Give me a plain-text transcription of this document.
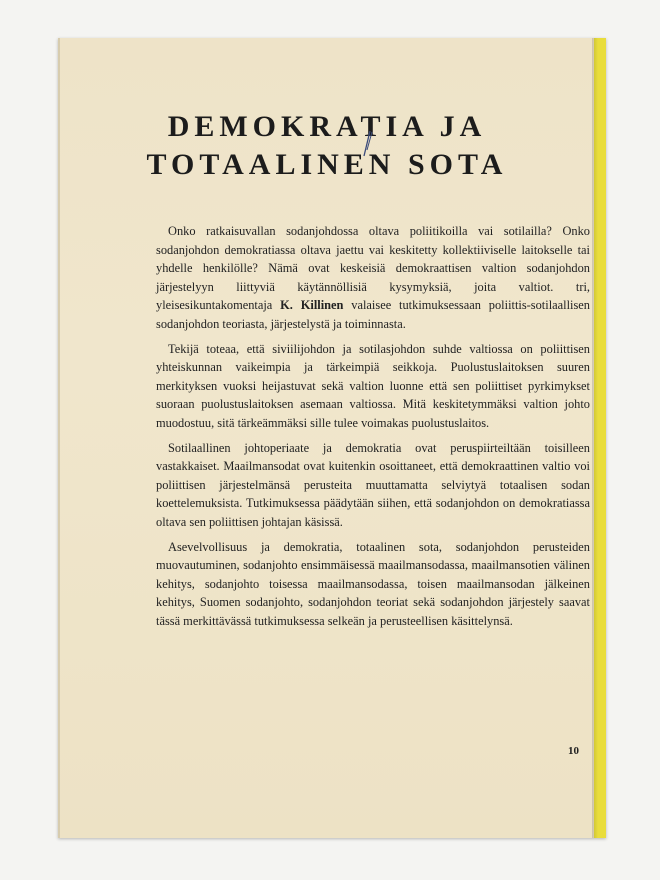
DEMOKRATIA JA
TOTAALINEN SOTA

Onko ratkaisuvallan sodanjohdossa oltava poliitikoilla vai sotilailla? Onko sodanjohdon demokratiassa oltava jaettu vai keskitetty kollektiiviselle laitokselle tai yhdelle henkilölle? Nämä ovat keskeisiä demokraattisen valtion sodanjohdon järjestelyyn liittyviä käytännöllisiä kysymyksiä, joita valtiot. tri, yleisesikuntakomentaja K. Killinen valaisee tutkimuksessaan poliittis-sotilaallisen sodanjohdon teoriasta, järjestelystä ja toiminnasta.

Tekijä toteaa, että siviilijohdon ja sotilasjohdon suhde valtiossa on poliittisen yhteiskunnan vaikeimpia ja tärkeimpiä seikkoja. Puolustuslaitoksen suuren merkityksen vuoksi heijastuvat sekä valtion luonne että sen poliittiset pyrkimykset suoraan puolustuslaitoksen asemaan valtiossa. Mitä keskitetymmäksi valtion johto muodostuu, sitä tärkeämmäksi sille tulee voimakas puolustuslaitos.

Sotilaallinen johtoperiaate ja demokratia ovat peruspiirteiltään toisilleen vastakkaiset. Maailmansodat ovat kuitenkin osoittaneet, että demokraattinen valtio voi poliittisen järjestelmänsä perusteita muuttamatta selviytyä totaalisen sodan koettelemuksista. Tutkimuksessa päädytään siihen, että sodanjohdon on demokratiassa oltava sen poliittisen johtajan käsissä.

Asevelvollisuus ja demokratia, totaalinen sota, sodanjohdon perusteiden muovautuminen, sodanjohto ensimmäisessä maailmansodassa, maailmansotien välinen kehitys, sodanjohto toisessa maailmansodassa, toisen maailmansodan jälkeinen kehitys, Suomen sodanjohto, sodanjohdon teoriat sekä sodanjohdon järjestely saavat tässä merkittävässä tutkimuksessa selkeän ja perusteellisen käsittelynsä.

10
